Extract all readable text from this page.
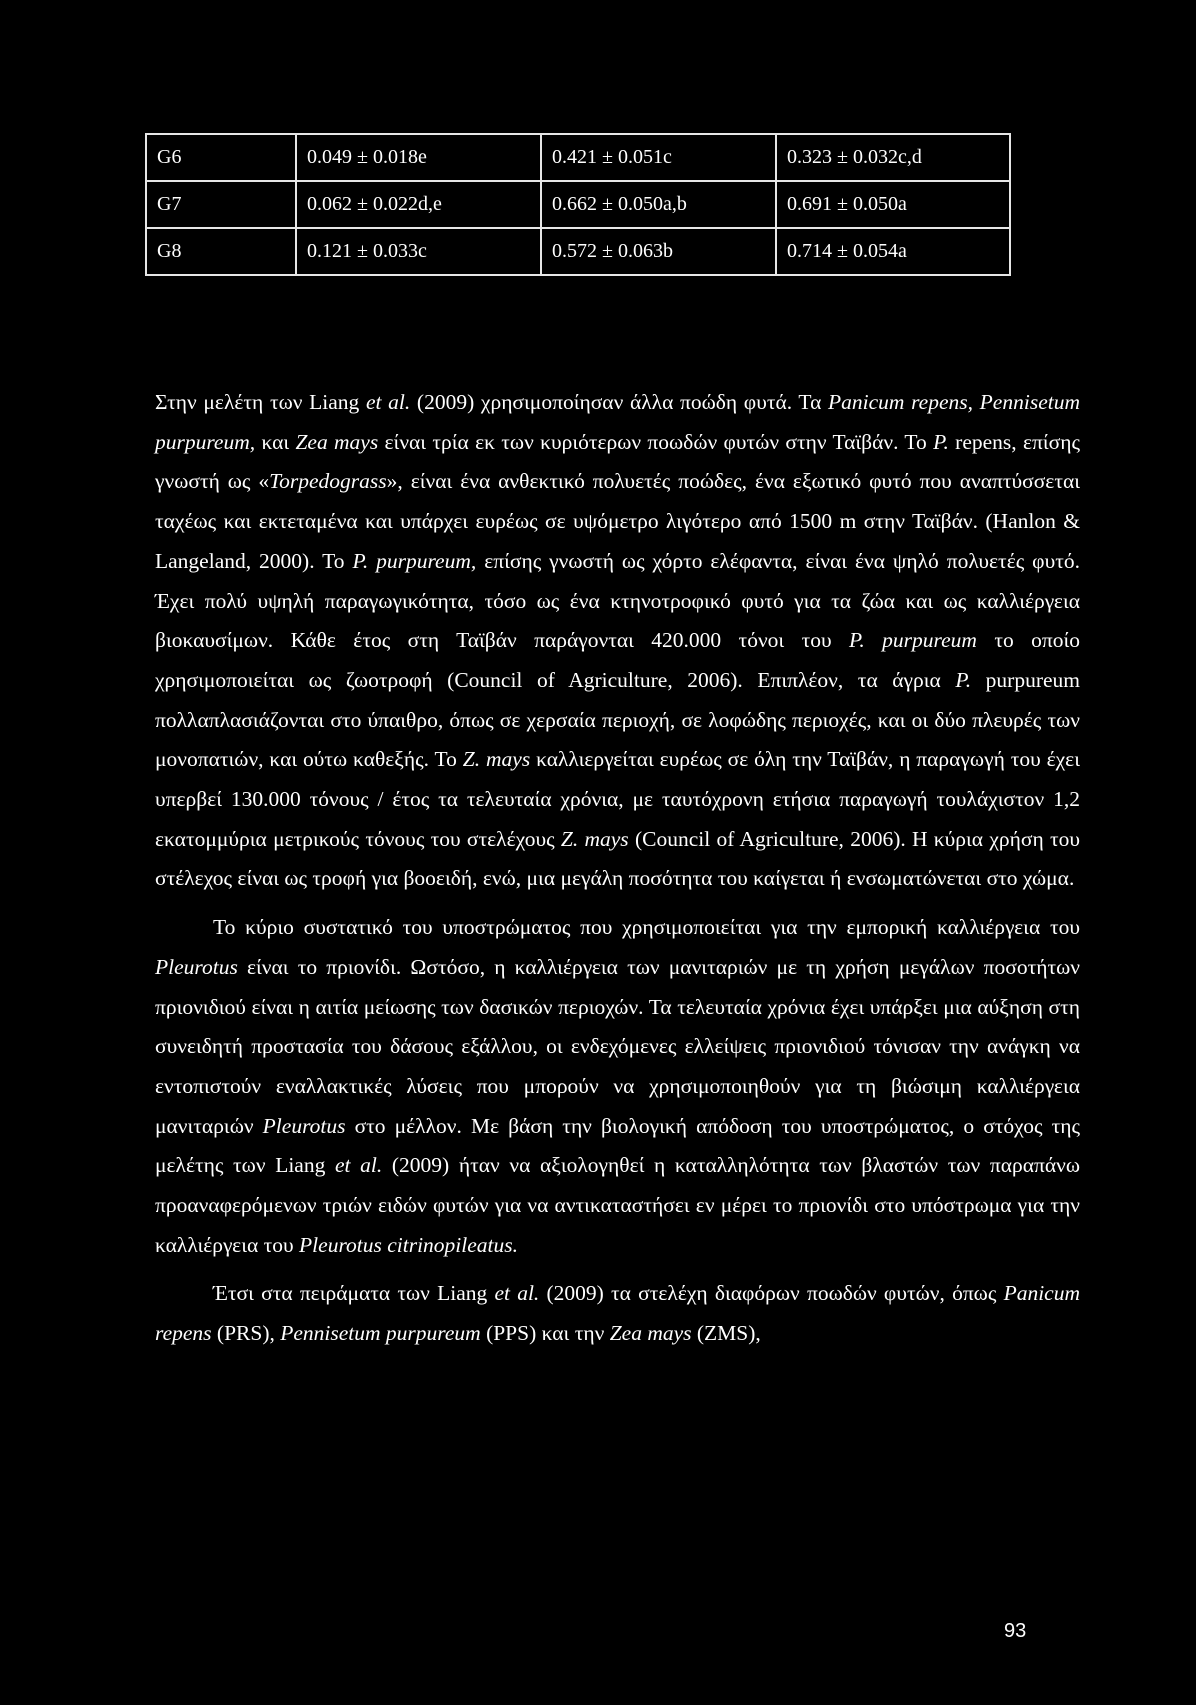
G6	0.049 ± 0.018e	0.421 ± 0.051c	0.323 ± 0.032c,d
G7	0.062 ± 0.022d,e	0.662 ± 0.050a,b	0.691 ± 0.050a
G8	0.121 ± 0.033c	0.572 ± 0.063b	0.714 ± 0.054a

Στην μελέτη των Liang et al. (2009) χρησιμοποίησαν άλλα ποώδη φυτά. Τα Panicum repens, Pennisetum purpureum, και Zea mays είναι τρία εκ των κυριότερων ποωδών φυτών στην Ταϊβάν. Το P. repens, επίσης γνωστή ως «Torpedograss», είναι ένα ανθεκτικό πολυετές ποώδες, ένα εξωτικό φυτό που αναπτύσσεται ταχέως και εκτεταμένα και υπάρχει ευρέως σε υψόμετρο λιγότερο από 1500 m στην Ταϊβάν. (Hanlon & Langeland, 2000). Το P. purpureum, επίσης γνωστή ως χόρτο ελέφαντα, είναι ένα ψηλό πολυετές φυτό. Έχει πολύ υψηλή παραγωγικότητα, τόσο ως ένα κτηνοτροφικό φυτό για τα ζώα και ως καλλιέργεια βιοκαυσίμων. Κάθε έτος στη Ταϊβάν παράγονται 420.000 τόνοι του P. purpureum το οποίο χρησιμοποιείται ως ζωοτροφή (Council of Agriculture, 2006). Επιπλέον, τα άγρια P. purpureum πολλαπλασιάζονται στο ύπαιθρο, όπως σε χερσαία περιοχή, σε λοφώδης περιοχές, και οι δύο πλευρές των μονοπατιών, και ούτω καθεξής. Το Z. mays καλλιεργείται ευρέως σε όλη την Ταϊβάν, η παραγωγή του έχει υπερβεί 130.000 τόνους / έτος τα τελευταία χρόνια, με ταυτόχρονη ετήσια παραγωγή τουλάχιστον 1,2 εκατομμύρια μετρικούς τόνους του στελέχους Z. mays (Council of Agriculture, 2006). Η κύρια χρήση του στέλεχος είναι ως τροφή για βοοειδή, ενώ, μια μεγάλη ποσότητα του καίγεται ή ενσωματώνεται στο χώμα.

Το κύριο συστατικό του υποστρώματος που χρησιμοποιείται για την εμπορική καλλιέργεια του Pleurotus είναι το πριονίδι. Ωστόσο, η καλλιέργεια των μανιταριών με τη χρήση μεγάλων ποσοτήτων πριονιδιού είναι η αιτία μείωσης των δασικών περιοχών. Τα τελευταία χρόνια έχει υπάρξει μια αύξηση στη συνειδητή προστασία του δάσους εξάλλου, οι ενδεχόμενες ελλείψεις πριονιδιού τόνισαν την ανάγκη να εντοπιστούν εναλλακτικές λύσεις που μπορούν να χρησιμοποιηθούν για τη βιώσιμη καλλιέργεια μανιταριών Pleurotus στο μέλλον. Με βάση την βιολογική απόδοση του υποστρώματος, ο στόχος της μελέτης των Liang et al. (2009) ήταν να αξιολογηθεί η καταλληλότητα των βλαστών των παραπάνω προαναφερόμενων τριών ειδών φυτών για να αντικαταστήσει εν μέρει το πριονίδι στο υπόστρωμα για την καλλιέργεια του Pleurotus citrinopileatus.

Έτσι στα πειράματα των Liang et al. (2009) τα στελέχη διαφόρων ποωδών φυτών, όπως Panicum repens (PRS), Pennisetum purpureum (PPS) και την Zea mays (ZMS),

93
